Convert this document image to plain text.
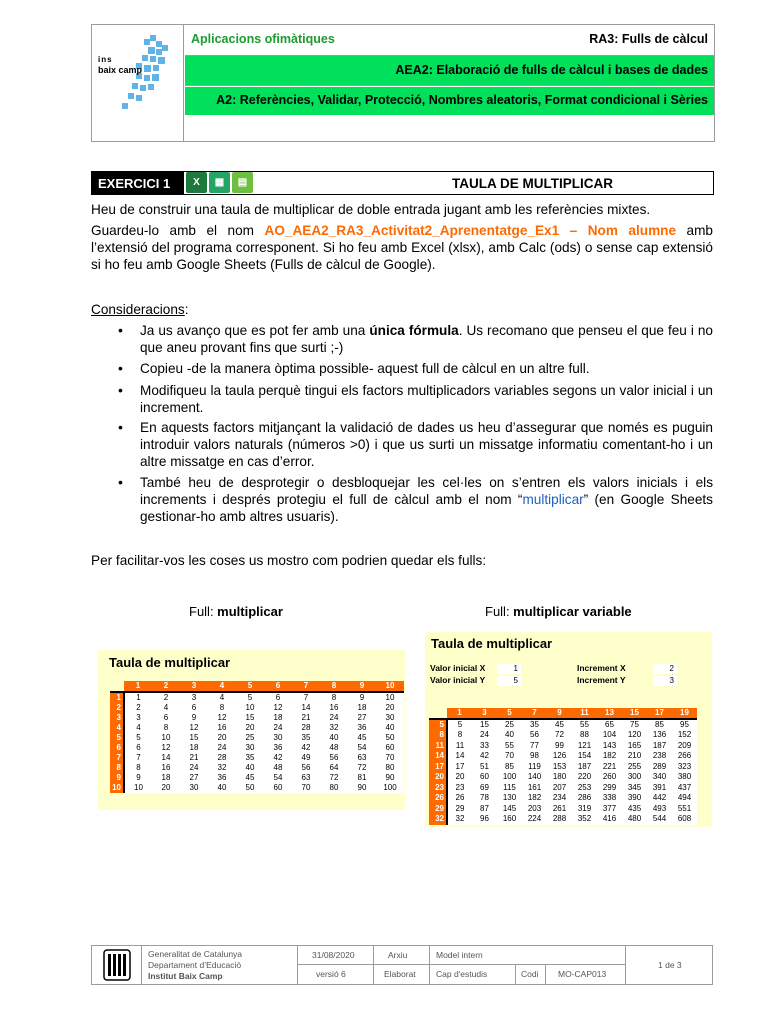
ins
baix camp
Aplicacions ofimàtiques	RA3: Fulls de càlcul
AEA2: Elaboració de fulls de càlcul i bases de dades
A2: Referències, Validar, Protecció, Nombres aleatoris, Format condicional i Sèries
EXERCICI 1	X	▦	▤	TAULA DE MULTIPLICAR

Heu de construir una taula de multiplicar de doble entrada jugant amb les referències mixtes.

Guardeu-lo amb el nom AO_AEA2_RA3_Activitat2_Aprenentatge_Ex1 – Nom alumne amb l’extensió del programa corresponent. Si ho feu amb Excel (xlsx), amb Calc (ods) o sense cap extensió si ho feu amb Google Sheets (Fulls de càlcul de Google).

Consideracions:

• Ja us avanço que es pot fer amb una única fórmula. Us recomano que penseu el que feu i no que aneu provant fins que surti ;-)

• Copieu -de la manera òptima possible- aquest full de càlcul en un altre full.

• Modifiqueu la taula perquè tingui els factors multiplicadors variables segons un valor inicial i un increment.

• En aquests factors mitjançant la validació de dades us heu d’assegurar que només es puguin introduir valors naturals (números >0) i que us surti un missatge informatiu comentant-ho i un altre missatge en cas d’error.

• També heu de desprotegir o desbloquejar les cel·les on s’entren els valors inicials i els increments i després protegiu el full de càlcul amb el nom “multiplicar” (en Google Sheets gestionar-ho amb altres usuaris).

Per facilitar-vos les coses us mostro com podrien quedar els fulls:

Full: multiplicar	Full: multiplicar variable
Taula de multiplicar
	1	2	3	4	5	6	7	8	9	10
1	1	2	3	4	5	6	7	8	9	10
2	2	4	6	8	10	12	14	16	18	20
3	3	6	9	12	15	18	21	24	27	30
4	4	8	12	16	20	24	28	32	36	40
5	5	10	15	20	25	30	35	40	45	50
6	6	12	18	24	30	36	42	48	54	60
7	7	14	21	28	35	42	49	56	63	70
8	8	16	24	32	40	48	56	64	72	80
9	9	18	27	36	45	54	63	72	81	90
10	10	20	30	40	50	60	70	80	90	100
Taula de multiplicar
Valor inicial X	1
Valor inicial Y	5
Increment X	2
Increment Y	3
	1	3	5	7	9	11	13	15	17	19
5	5	15	25	35	45	55	65	75	85	95
8	8	24	40	56	72	88	104	120	136	152
11	11	33	55	77	99	121	143	165	187	209
14	14	42	70	98	126	154	182	210	238	266
17	17	51	85	119	153	187	221	255	289	323
20	20	60	100	140	180	220	260	300	340	380
23	23	69	115	161	207	253	299	345	391	437
26	26	78	130	182	234	286	338	390	442	494
29	29	87	145	203	261	319	377	435	493	551
32	32	96	160	224	288	352	416	480	544	608
Generalitat de Catalunya
Departament d’Educació
Institut Baix Camp
31/08/2020
versió 6
Arxiu
Elaborat
Model intern
Cap d'estudis	Codi MO-CAP013
1 de 3
